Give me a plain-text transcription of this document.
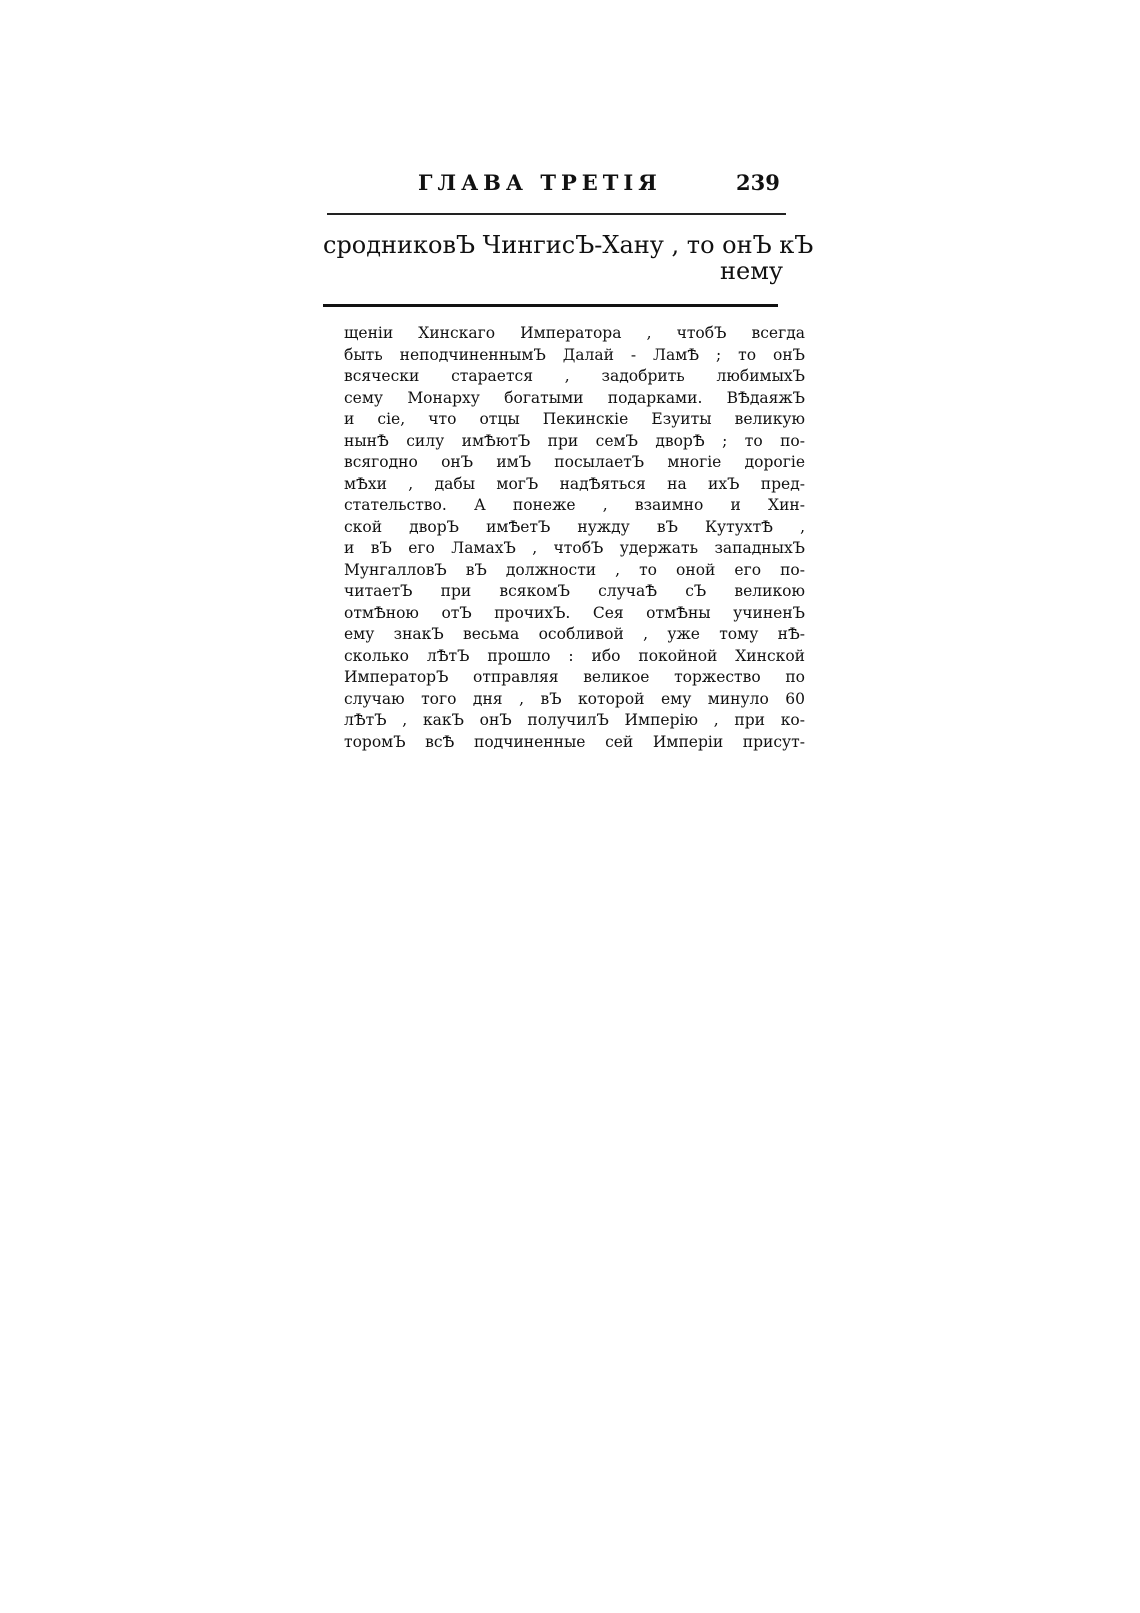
ГЛАВА ТРЕТІЯ	239
сродниковЪ ЧингисЪ-Хану , то онЪ кЪ
нему
щеніи Хинскаго Императора , чтобЪ всегда
быть неподчиненнымЪ Далай - ЛамѢ ; то онЪ
всячески старается , задобрить любимыхЪ
сему Монарху богатыми подарками. ВѢдаяжЪ
и сіе, что отцы Пекинскіе Езуиты великую
нынѢ силу имѢютЪ при семЪ дворѢ ; то по-
всягодно онЪ имЪ посылаетЪ многіе дорогіе
мѢхи , дабы могЪ надѢяться на ихЪ пред-
стательство. А понеже , взаимно и Хин-
ской дворЪ имѢетЪ нужду вЪ КутухтѢ ,
и вЪ его ЛамахЪ , чтобЪ удержать западныхЪ
МунгалловЪ вЪ должности , то оной его по-
читаетЪ при всякомЪ случаѢ сЪ великою
отмѢною отЪ прочихЪ. Сея отмѢны учиненЪ
ему знакЪ весьма особливой , уже тому нѢ-
сколько лѢтЪ прошло : ибо покойной Хинской
ИмператорЪ отправляя великое торжество по
случаю того дня , вЪ которой ему минуло 60
лѢтЪ , какЪ онЪ получилЪ Имперію , при ко-
торомЪ всѢ подчиненные сей Имперіи присут-
